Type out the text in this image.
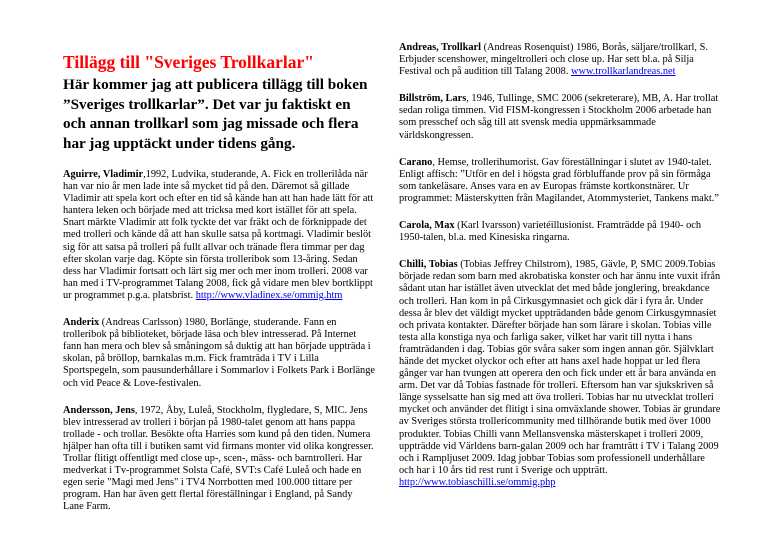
Tillägg till "Sveriges Trollkarlar"
Här kommer jag att publicera tillägg till boken ”Sveriges trollkarlar”. Det var ju faktiskt en och annan trollkarl som jag missade och flera har jag upptäckt under tidens gång.

Aguirre, Vladimir,1992, Ludvika, studerande, A. Fick en trollerilåda när han var nio år men lade inte så mycket tid på den. Däremot så gillade Vladimir att spela kort och efter en tid så kände han att han hade lätt för att hantera leken och började med att tricksa med kort istället för att spela. Snart märkte Vladimir att folk tyckte det var fräkt och de förknippade det med trolleri och kände då att han skulle satsa på kortmagi. Vladimir beslöt sig för att satsa på trolleri på fullt allvar och tränade flera timmar per dag efter skolan varje dag. Köpte sin första trolleribok som 13-åring. Sedan dess har Vladimir fortsatt och lärt sig mer och mer inom trolleri. 2008 var han med i TV-programmet Talang 2008, fick gå vidare men blev bortklippt ur programmet p.g.a. platsbrist. http://www.vladinex.se/ommig.htm

Anderix (Andreas Carlsson) 1980, Borlänge, studerande. Fann en trolleribok på biblioteket, började läsa och blev intresserad. På Internet fann han mera och blev så småningom så duktig att han började uppträda i skolan, på bröllop, barnkalas m.m. Fick framträda i TV i Lilla Sportspegeln, som pausunderhållare i Sommarlov i Folkets Park i Borlänge och vid Peace & Love-festivalen.

Andersson, Jens, 1972, Åby, Luleå, Stockholm, flygledare, S, MIC. Jens blev intresserad av trolleri i början på 1980-talet genom att hans pappa trollade - och trollar. Besökte ofta Harries som kund på den tiden. Numera hjälper han ofta till i butiken samt vid firmans monter vid olika kongresser. Trollar flitigt offentligt med close up-, scen-, mäss- och barntrolleri. Har medverkat i Tv-programmet Solsta Café, SVT:s Café Luleå och hade en egen serie "Magi med Jens" i TV4 Norrbotten med 100.000 tittare per program. Han har även gett flertal föreställningar i England, på Sandy Lane Farm.

Andreas, Trollkarl (Andreas Rosenquist) 1986, Borås, säljare/trollkarl, S. Erbjuder scenshower, mingeltrolleri och close up. Har sett bl.a. på Silja Festival och på audition till Talang 2008. www.trollkarlandreas.net

Billström, Lars, 1946, Tullinge, SMC 2006 (sekreterare), MB, A. Har trollat sedan roliga timmen. Vid FISM-kongressen i Stockholm 2006 arbetade han som presschef och såg till att svensk media uppmärksammade världskongressen.

Carano, Hemse, trollerihumorist. Gav föreställningar i slutet av 1940-talet. Enligt affisch: ”Utför en del i högsta grad förbluffande prov på sin förmåga som tankeläsare. Anses vara en av Europas främste kortkonstnärer. Ur programmet: Mästerskytten från Magilandet, Atommysteriet, Tankens makt.”

Carola, Max (Karl Ivarsson) varietéillusionist. Framträdde på 1940- och 1950-talen, bl.a. med Kinesiska ringarna.

Chilli, Tobias (Tobias Jeffrey Chilstrom), 1985, Gävle, P, SMC 2009.Tobias började redan som barn med akrobatiska konster och har ännu inte vuxit ifrån sådant utan har istället även utvecklat det med både jonglering, breakdance och trolleri. Han kom in på Cirkusgymnasiet och gick där i fyra år. Under dessa år blev det väldigt mycket uppträdanden både genom Cirkusgymnasiet och privata kontakter. Därefter började han som lärare i skolan. Tobias ville testa alla konstiga nya och farliga saker, vilket har varit till nytta i hans framträdanden i dag. Tobias gör svåra saker som ingen annan gör. Självklart hände det mycket olyckor och efter att hans axel hade hoppat ur led flera gånger var han tvungen att operera den och fick under ett år bara använda en arm. Det var då Tobias fastnade för trolleri. Eftersom han var sjukskriven så länge sysselsatte han sig med att öva trolleri. Tobias har nu utvecklat trolleri mycket och använder det flitigt i sina omväxlande shower. Tobias är grundare av Sveriges största trollericommunity med tillhörande butik med över 1000 produkter. Tobias Chilli vann Mellansvenska mästerskapet i trolleri 2009, uppträdde vid Världens barn-galan 2009 och har framträtt i TV i Talang 2009 och i Rampljuset 2009. Idag jobbar Tobias som professionell underhållare och har i 10 års tid rest runt i Sverige och uppträtt. http://www.tobiaschilli.se/ommig.php
